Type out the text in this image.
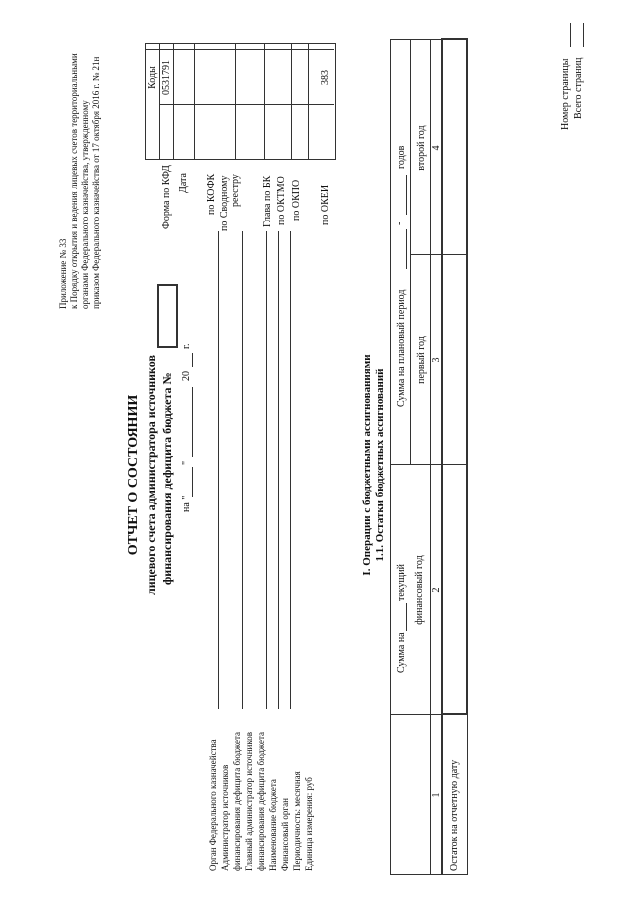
Приложение № 33 к Порядку открытия и ведения лицевых счетов территориальными органами Федерального казначейства, утвержденному приказом Федерального казначейства от 17 октября 2016 г. № 21н
ОТЧЕТ О СОСТОЯНИИ лицевого счета администратора источников финансирования дефицита бюджета № на "
"
20
г.
Коды
Форма по КФД
0531791
Дата по КОФК по Сводному реестру Глава по БК по ОКТМО по ОКПО по ОКЕИ
383
Орган Федерального казначейства Администратор источников финансирования дефицита бюджета Главный администратор источников финансирования дефицита бюджета Наименование бюджета Финансовый орган Периодичность: месячная Единица измерения: руб
I. Операции с бюджетными ассигнованиями 1.1. Остатки бюджетных ассигнований
Сумма на
текущий финансовый год
Сумма на плановый период
-
годов
первый год
второй год
1
2
3
4
Остаток на отчетную дату
Номер страницы Всего страниц
